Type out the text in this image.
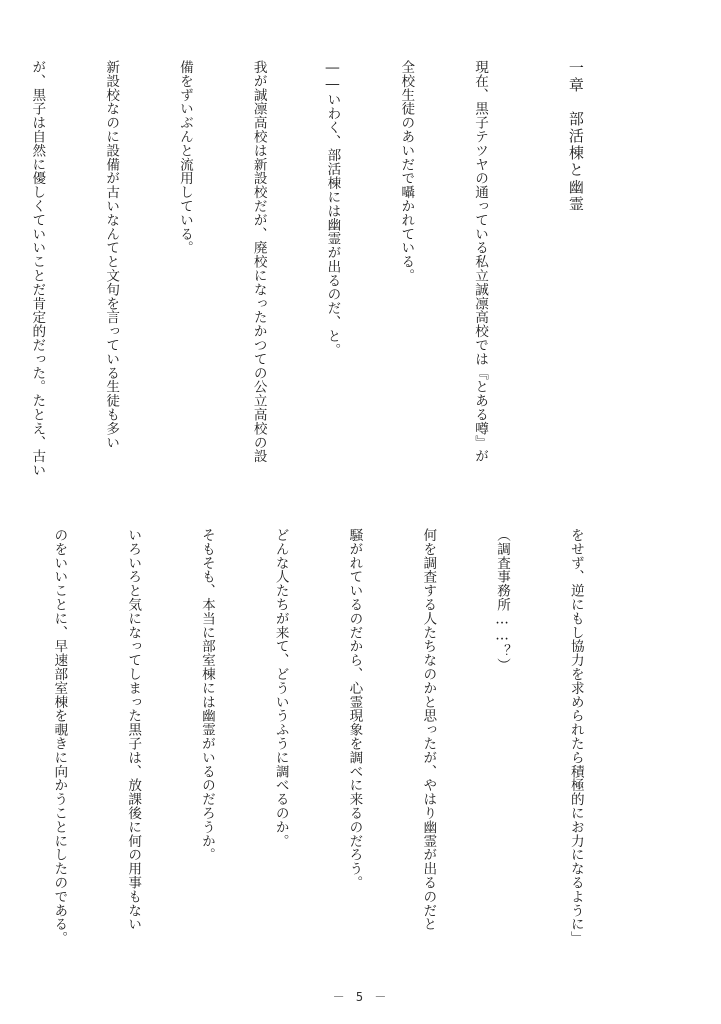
一章　部活棟と幽霊

現在、黒子テツヤの通っている私立誠凛高校では『とある噂』が

全校生徒のあいだで囁かれている。

――いわく、部活棟には幽霊が出るのだ、と。

我が誠凛高校は新設校だが、廃校になったかつての公立高校の設

備をずいぶんと流用している。

新設校なのに設備が古いなんてと文句を言っている生徒も多い

が、黒子は自然に優しくていいことだ肯定的だった。たとえ、古い

をせず、逆にもし協力を求められたら積極的にお力になるように」

（調査事務所……？）

何を調査する人たちなのかと思ったが、やはり幽霊が出るのだと

騒がれているのだから、心霊現象を調べに来るのだろう。

どんな人たちが来て、どういうふうに調べるのか。

そもそも、本当に部室棟には幽霊がいるのだろうか。

いろいろと気になってしまった黒子は、放課後に何の用事もない

のをいいことに、早速部室棟を覗きに向かうことにしたのである。

－ 5 －
